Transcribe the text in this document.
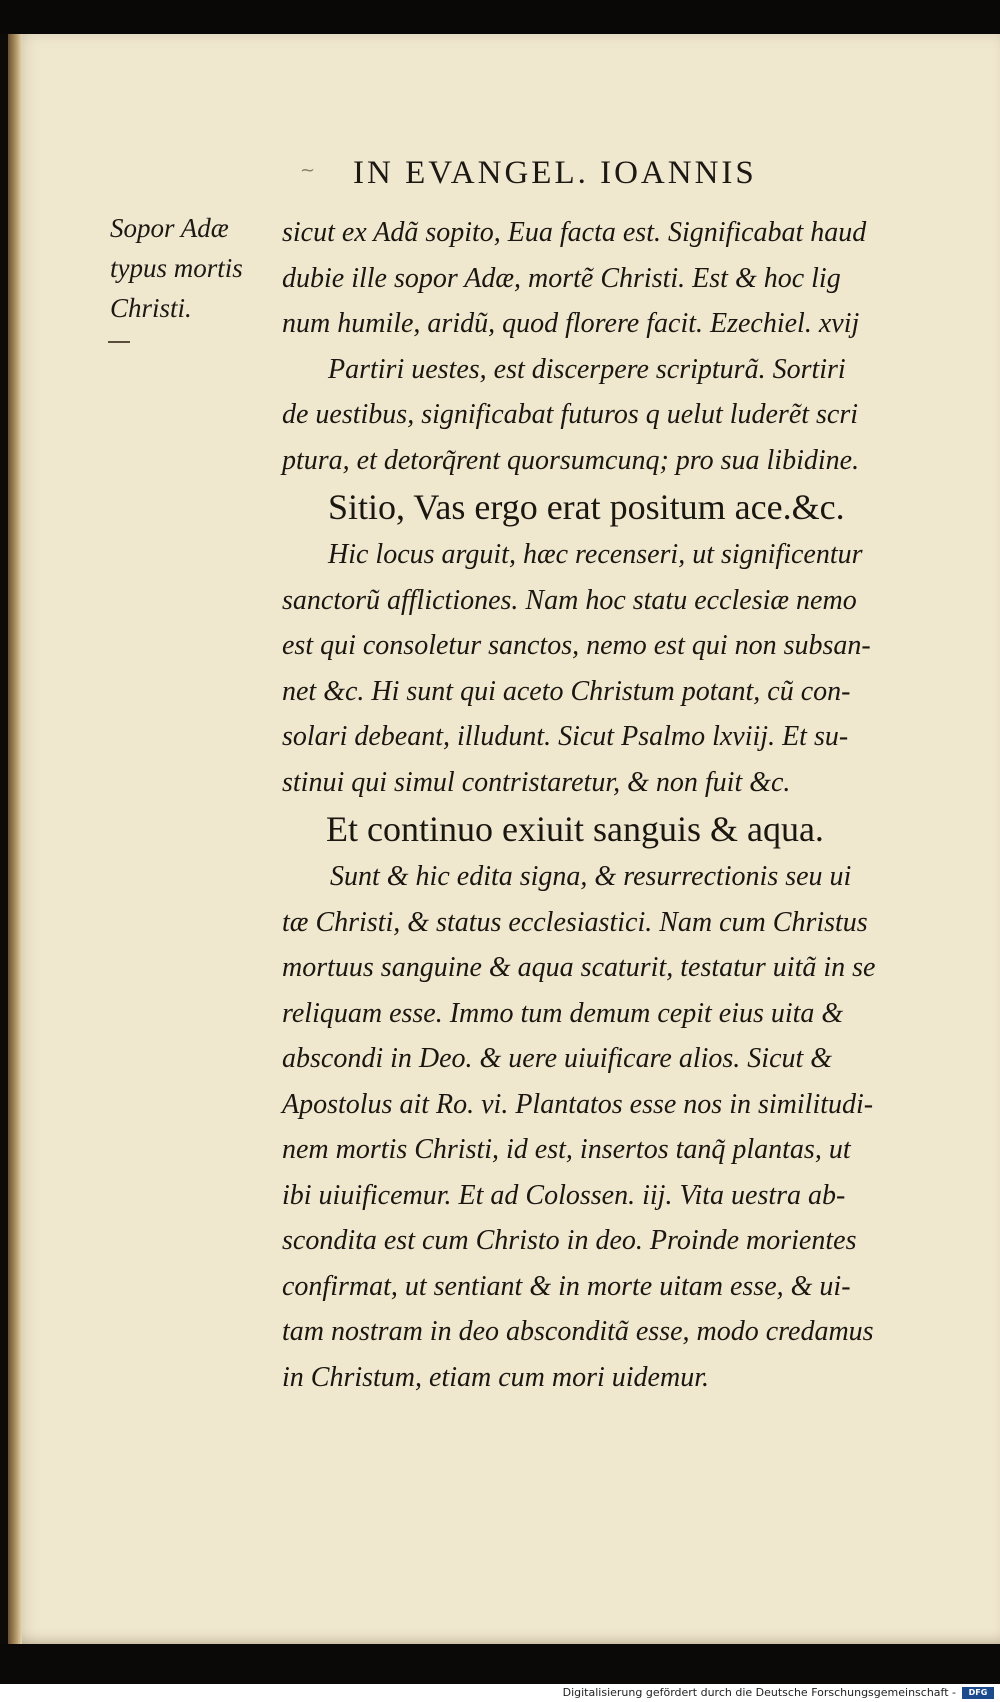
~ IN EVANGEL. IOANNIS
Sopor Adæ
typus mortis
Christi.
sicut ex Adã sopito, Eua facta est. Significabat haud
dubie ille sopor Adæ, mortẽ Christi. Est & hoc lig
num humile, aridũ, quod florere facit. Ezechiel. xvij
Partiri uestes, est discerpere scripturã. Sortiri
de uestibus, significabat futuros q uelut luderẽt scri
ptura, et detorq̃rent quorsumcunq; pro sua libidine.
Sitio, Vas ergo erat positum ace.&c.
Hic locus arguit, hæc recenseri, ut significentur
sanctorũ afflictiones. Nam hoc statu ecclesiæ nemo
est qui consoletur sanctos, nemo est qui non subsan-
net &c. Hi sunt qui aceto Christum potant, cũ con-
solari debeant, illudunt. Sicut Psalmo lxviij. Et su-
stinui qui simul contristaretur, & non fuit &c.
Et continuo exiuit sanguis & aqua.
Sunt & hic edita signa, & resurrectionis seu ui
tæ Christi, & status ecclesiastici. Nam cum Christus
mortuus sanguine & aqua scaturit, testatur uitã in se
reliquam esse. Immo tum demum cepit eius uita &
abscondi in Deo. & uere uiuificare alios. Sicut &
Apostolus ait Ro. vi. Plantatos esse nos in similitudi-
nem mortis Christi, id est, insertos tanq̃ plantas, ut
ibi uiuificemur. Et ad Colossen. iij. Vita uestra ab-
scondita est cum Christo in deo. Proinde morientes
confirmat, ut sentiant & in morte uitam esse, & ui-
tam nostram in deo absconditã esse, modo credamus
in Christum, etiam cum mori uidemur.
Digitalisierung gefördert durch die Deutsche Forschungsgemeinschaft -	DFG
